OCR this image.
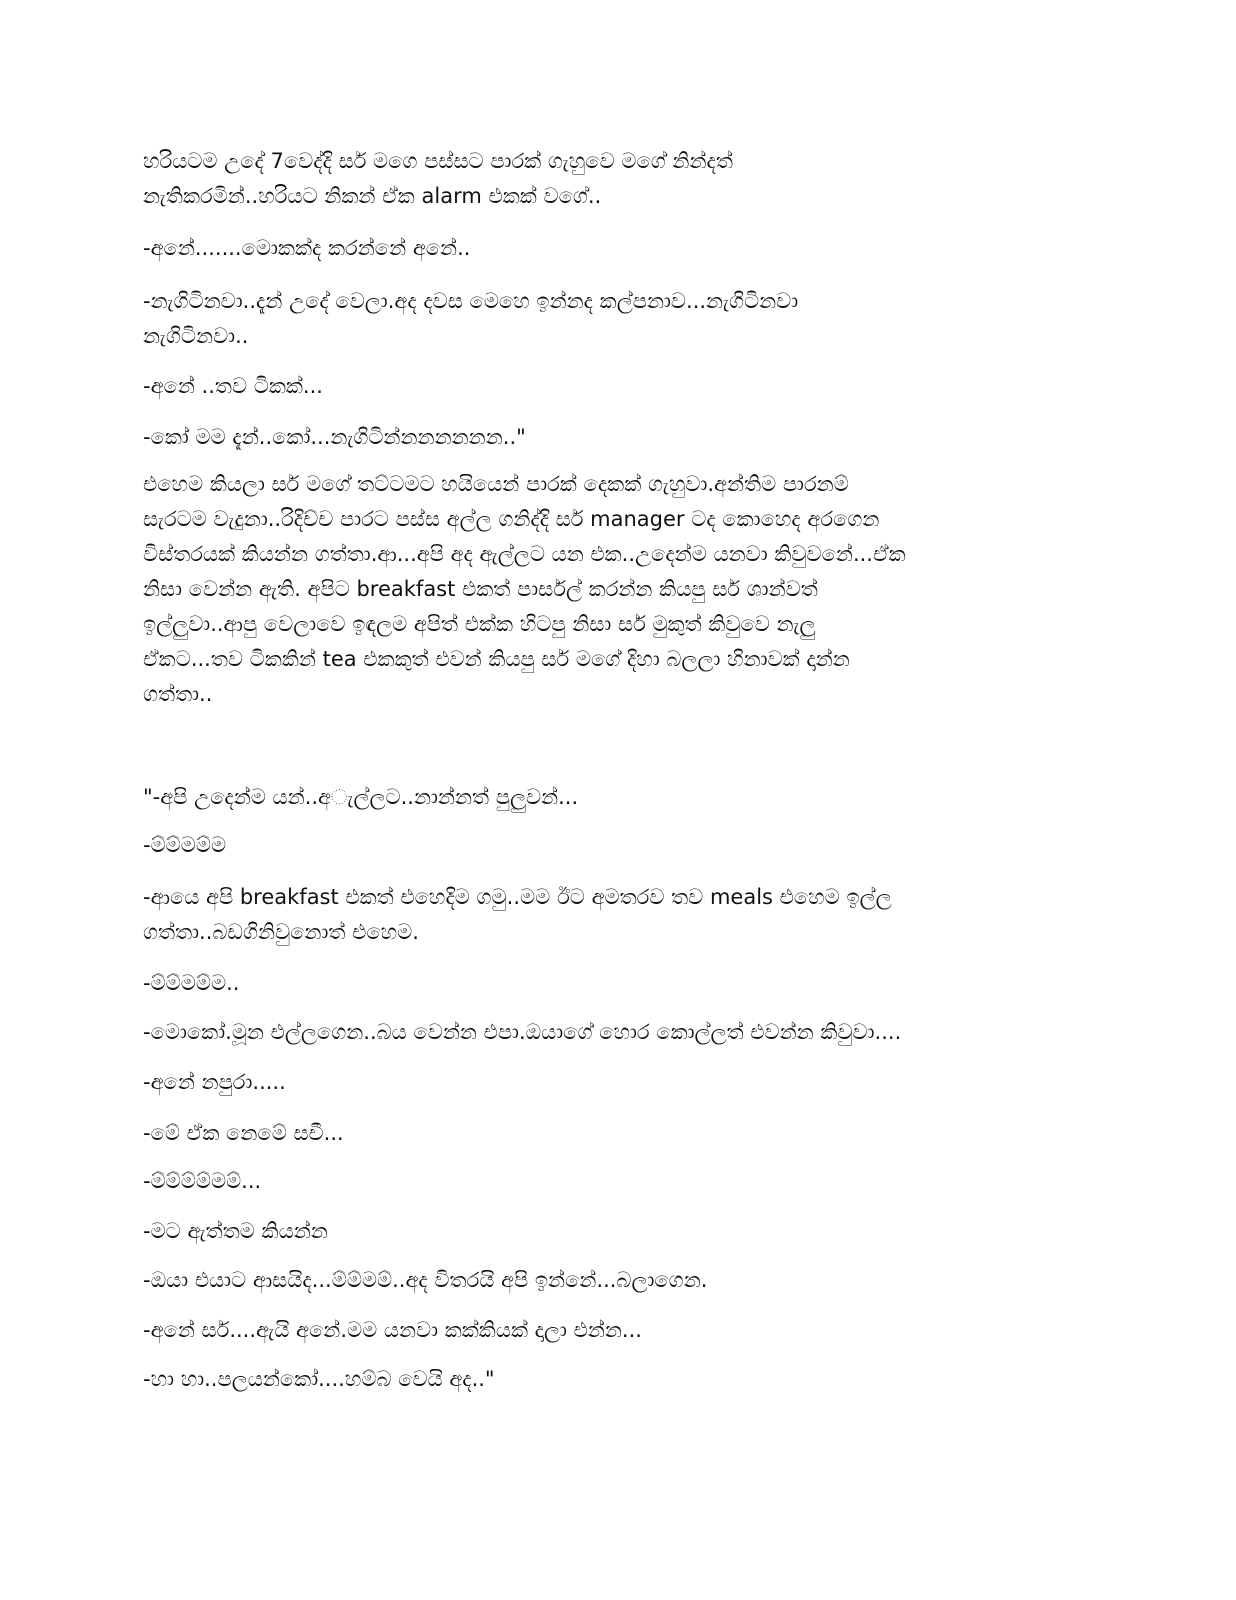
හරියටම උදේ 7වෙද්දි සර් මගෙ පස්සට පාරක් ගැහුවෙ මගේ නින්දත්
නැතිකරමින්..හරියට නිකන් ඒක alarm එකක් වගේ..

-අනේ.......මොකක්ද කරන්නේ අනේ..

-නැගිටිනවා..දැන් උදේ වෙලා.අද දවස මෙහෙ ඉන්නද කල්පනාව...නැගිටිනවා
නැගිටිනවා..

-අනේ ..තව ටිකක්...

-කෝ මම දැන්..කෝ...නැගිටින්නනනනනන.."

එහෙම කියලා සර් මගේ තට්ටමට හයියෙන් පාරක් දෙකක් ගැහුවා.අන්තිම පාරනම්
සැරටම වැදුනා..රිදිච්ච පාරට පස්ස අල්ල ගනිද්දි සර් manager ටද කොහෙද අරගෙන
විස්තරයක් කියන්න ගත්තා.ආ...අපි අද ඇල්ලට යන එක..උදෙන්ම යනවා කිවුවනේ...ඒක
නිසා වෙන්න ඇති. අපිට breakfast එකත් පාර්සල් කරන්න කියපු සර් ශාන්වත්
ඉල්ලුවා..ආපු වෙලාවෙ ඉඳලම අපිත් එක්ක හිටපු නිසා සර් මුකුත් කිවුවෙ නැලු
ඒකට...තව ටිකකින් tea එකකුත් එවන් කියපු සර් මගේ දිහා බලලා හිනාවක් දාන්න
ගත්තා..

"-අපි උදෙන්ම යන්..අැල්ලට..නාන්නත් පුලුවන්...

-ම්ම්මම්ම

-ආයෙ අපි breakfast එකත් එහෙදිම ගමු..මම ඊට අමතරව තව meals එහෙම ඉල්ල
ගත්තා..බඩගිනිවුනොත් එහෙම.

-ම්ම්මම්ම..

-මොකෝ.මූන එල්ලගෙන..බය වෙන්න එපා.ඔයාගේ හොර කොල්ලත් එවන්න කිවුවා....

-අනේ නපුරා.....

-මේ ඒක නෙමේ සචී...

-ම්ම්ම්ම්මම්...

-මට ඇත්තම කියන්න

-ඔයා එයාට ආසයිද...ම්ම්මම්..අද විතරයි අපි ඉන්නේ...බලාගෙන.

-අනේ සර්....ඇයි අනේ.මම යනවා කක්කියක් දාලා එන්න...

-හා හා..පලයන්කෝ....හම්බ වෙයි අද.."
